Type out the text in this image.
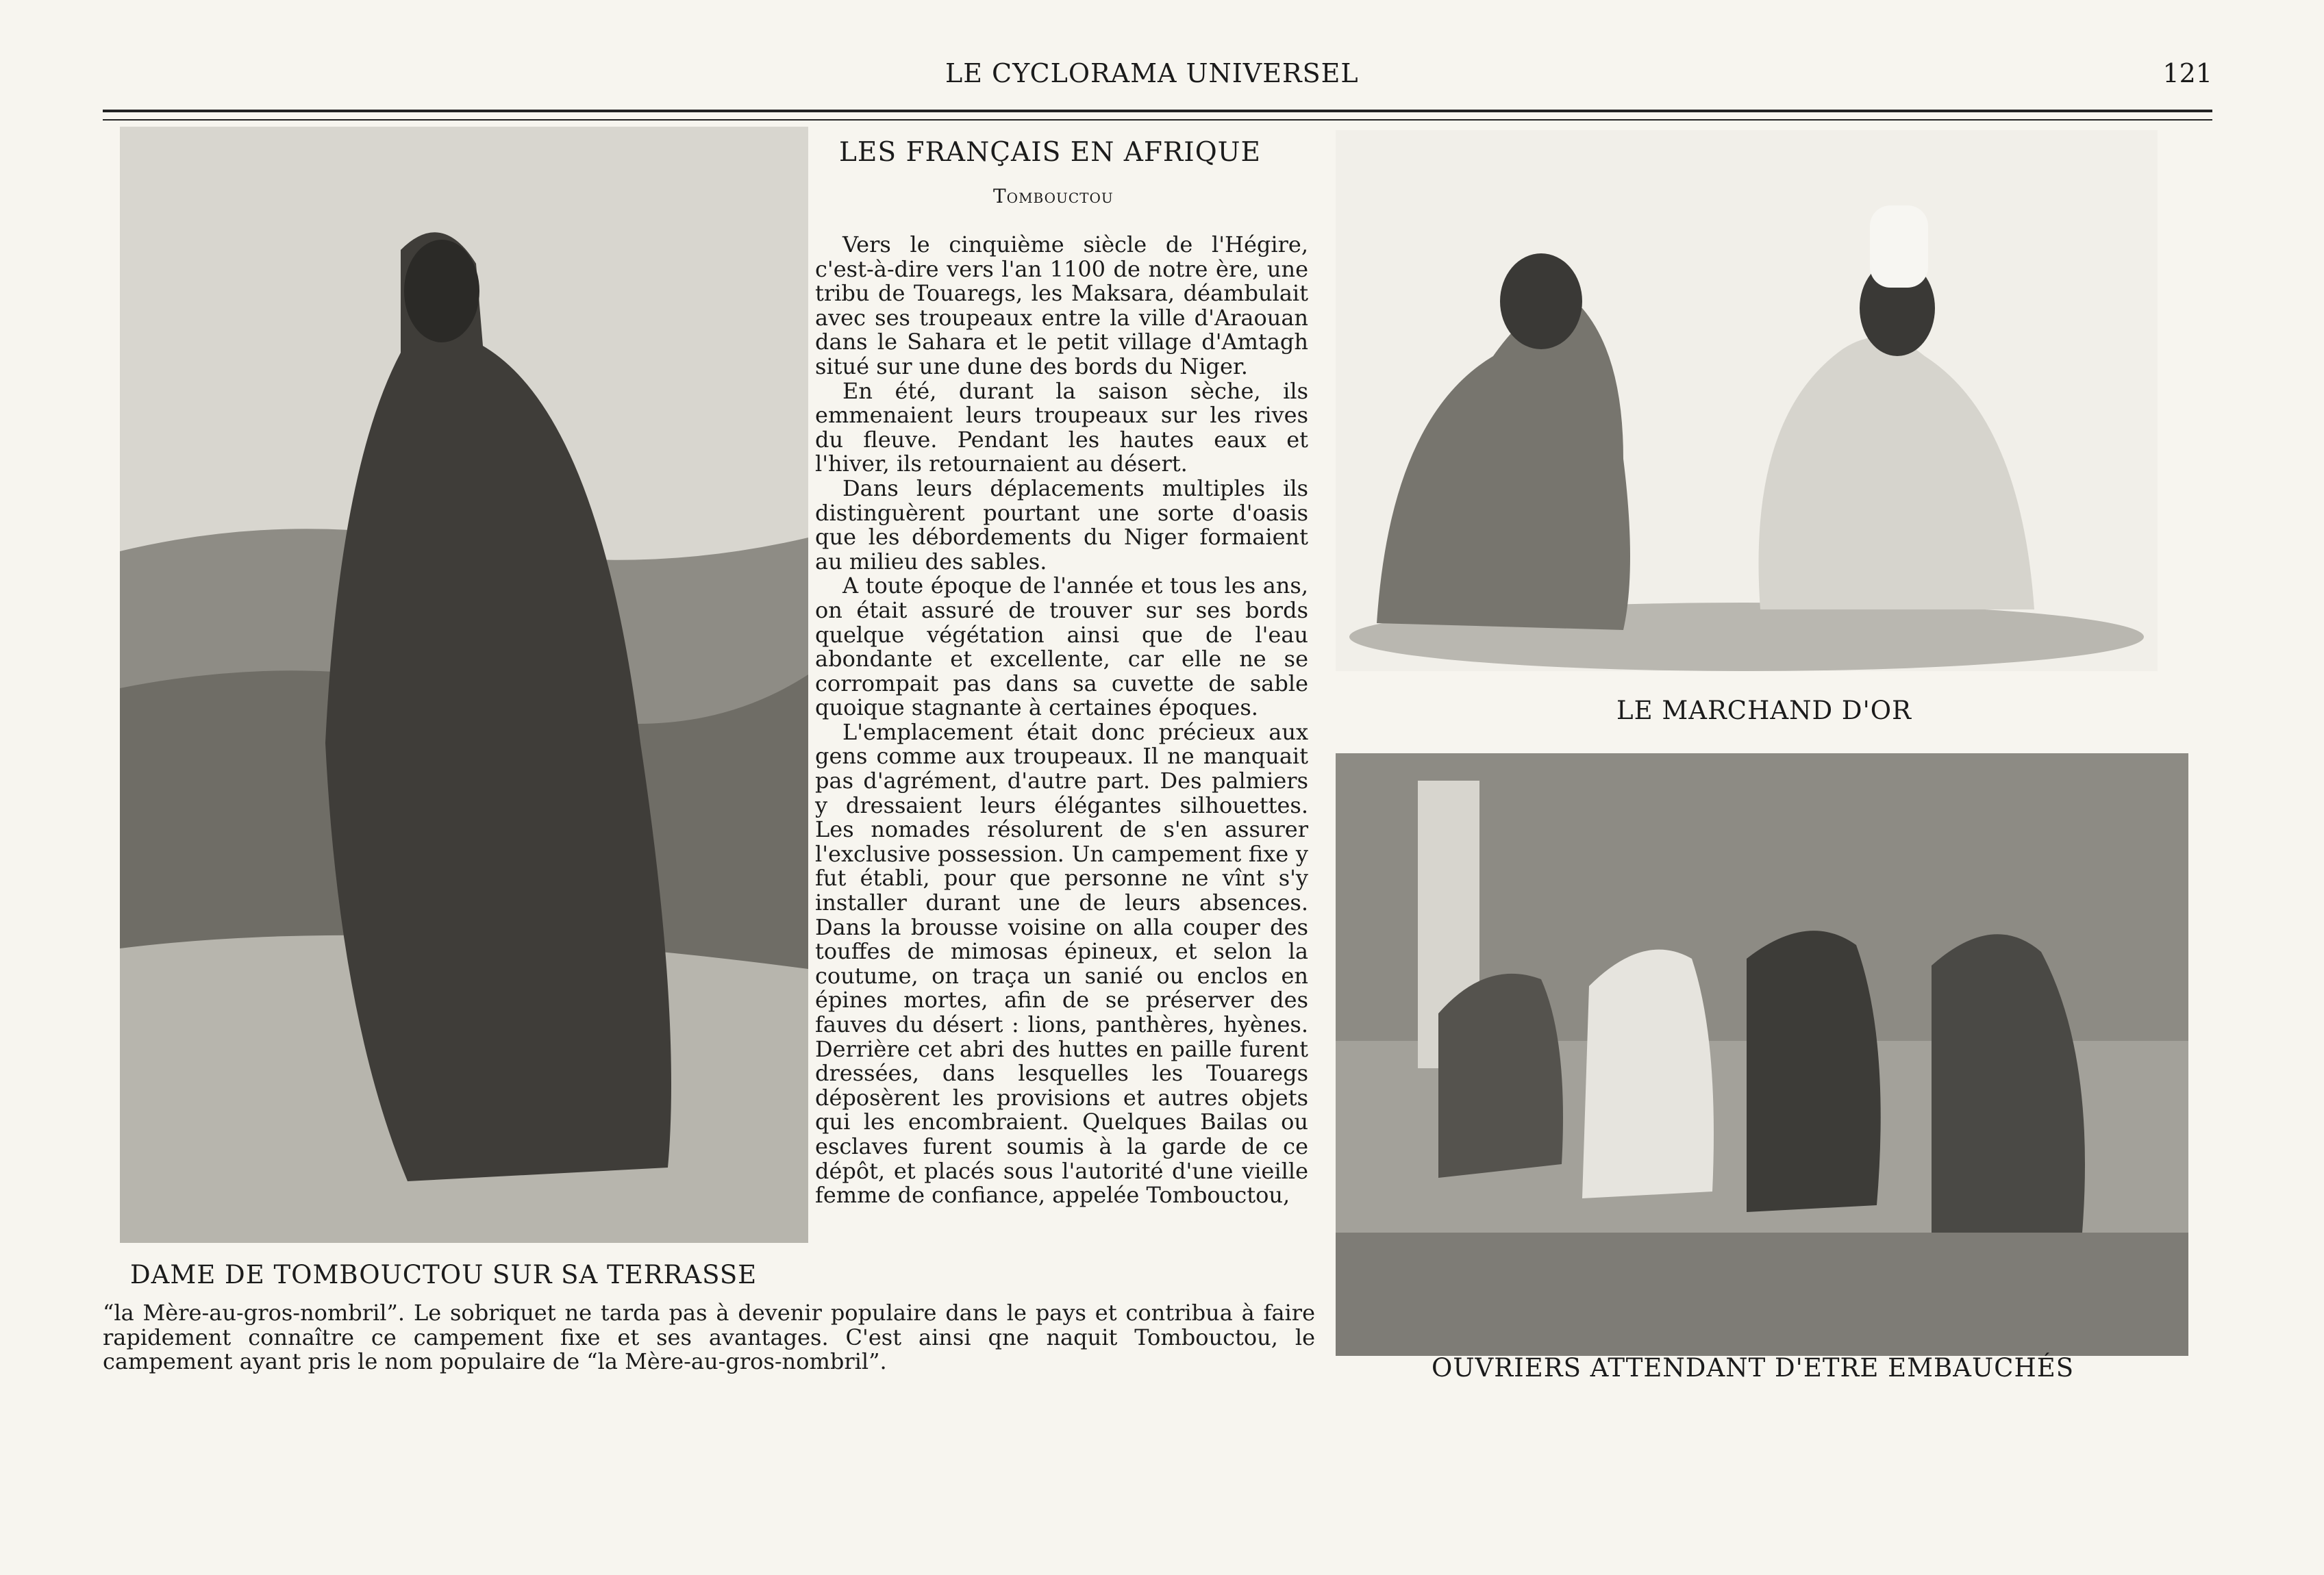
LE CYCLORAMA UNIVERSEL	121
DAME DE TOMBOUCTOU SUR SA TERRASSE
LE MARCHAND D'OR
OUVRIERS ATTENDANT D'ETRE EMBAUCHÉS
LES FRANÇAIS EN AFRIQUE
Tombouctou

Vers le cinquième siècle de l'Hégire, c'est-à-dire vers l'an 1100 de notre ère, une tribu de Touaregs, les Maksara, déambulait avec ses troupeaux entre la ville d'Araouan dans le Sahara et le petit village d'Amtagh situé sur une dune des bords du Niger.

En été, durant la saison sèche, ils emmenaient leurs troupeaux sur les rives du fleuve. Pendant les hautes eaux et l'hiver, ils retournaient au désert.

Dans leurs déplacements multiples ils distinguèrent pourtant une sorte d'oasis que les débordements du Niger formaient au milieu des sables.

A toute époque de l'année et tous les ans, on était assuré de trouver sur ses bords quelque végétation ainsi que de l'eau abondante et excellente, car elle ne se corrompait pas dans sa cuvette de sable quoique stagnante à certaines époques.

L'emplacement était donc précieux aux gens comme aux troupeaux. Il ne manquait pas d'agrément, d'autre part. Des palmiers y dressaient leurs élégantes silhouettes. Les nomades résolurent de s'en assurer l'exclusive possession. Un campement fixe y fut établi, pour que personne ne vînt s'y installer durant une de leurs absences. Dans la brousse voisine on alla couper des touffes de mimosas épineux, et selon la coutume, on traça un sanié ou enclos en épines mortes, afin de se préserver des fauves du désert : lions, panthères, hyènes. Derrière cet abri des huttes en paille furent dressées, dans lesquelles les Touaregs déposèrent les provisions et autres objets qui les encombraient. Quelques Bailas ou esclaves furent soumis à la garde de ce dépôt, et placés sous l'autorité d'une vieille femme de confiance, appelée Tombouctou,

“la Mère-au-gros-nombril”. Le sobriquet ne tarda pas à devenir populaire dans le pays et contribua à faire rapidement connaître ce campement fixe et ses avantages. C'est ainsi qne naquit Tombouctou, le campement ayant pris le nom populaire de “la Mère-au-gros-nombril”.
